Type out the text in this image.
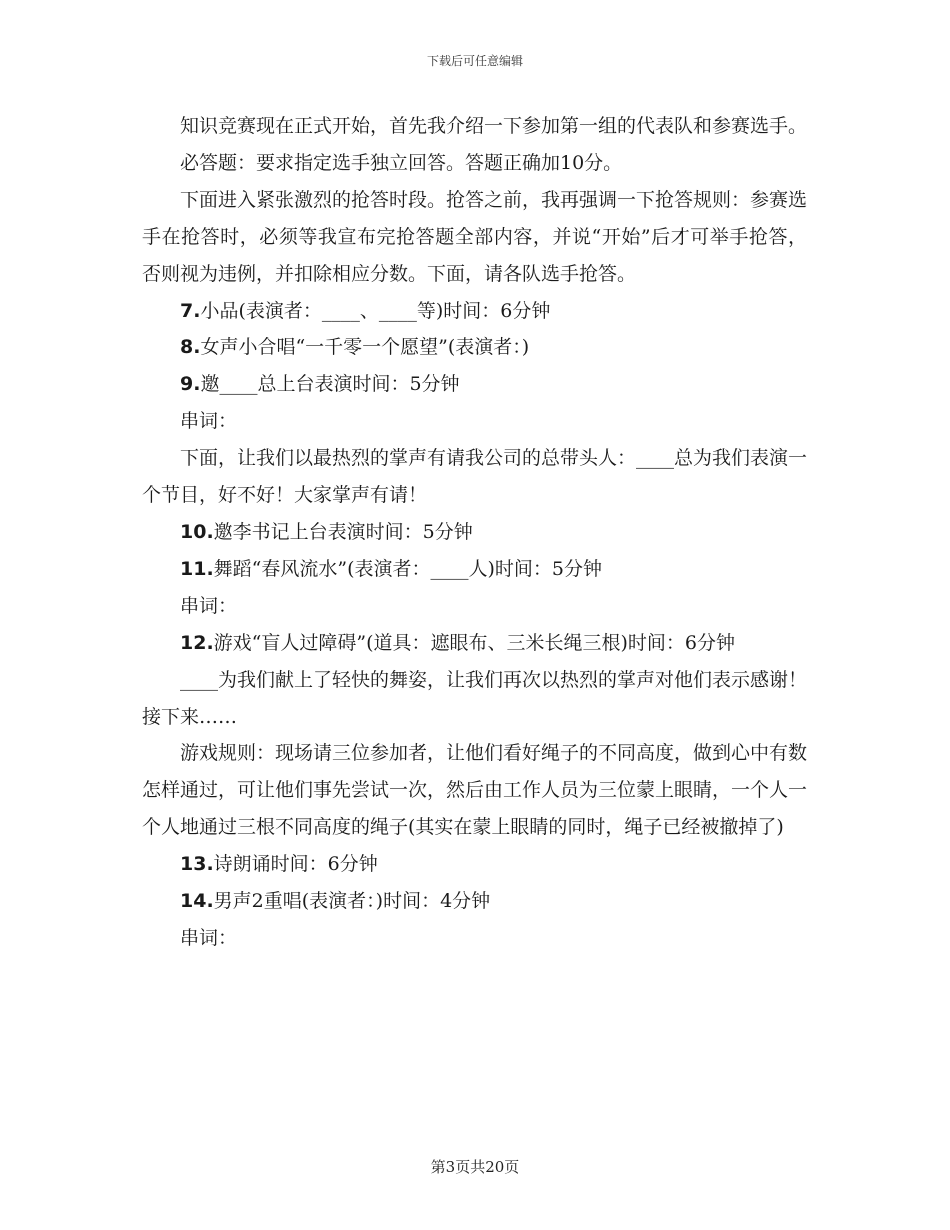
下载后可任意编辑

知识竞赛现在正式开始，首先我介绍一下参加第一组的代表队和参赛选手。

必答题：要求指定选手独立回答。答题正确加10分。

下面进入紧张激烈的抢答时段。抢答之前，我再强调一下抢答规则：参赛选手在抢答时，必须等我宣布完抢答题全部内容，并说“开始”后才可举手抢答，否则视为违例，并扣除相应分数。下面，请各队选手抢答。

7.小品(表演者：____、____等)时间：6分钟

8.女声小合唱“一千零一个愿望”(表演者：)

9.邀____总上台表演时间：5分钟

串词：

下面，让我们以最热烈的掌声有请我公司的总带头人：____总为我们表演一个节目，好不好！大家掌声有请！

10.邀李书记上台表演时间：5分钟

11.舞蹈“春风流水”(表演者：____人)时间：5分钟

串词：

12.游戏“盲人过障碍”(道具：遮眼布、三米长绳三根)时间：6分钟

____为我们献上了轻快的舞姿，让我们再次以热烈的掌声对他们表示感谢！接下来……

游戏规则：现场请三位参加者，让他们看好绳子的不同高度，做到心中有数怎样通过，可让他们事先尝试一次，然后由工作人员为三位蒙上眼睛，一个人一个人地通过三根不同高度的绳子(其实在蒙上眼睛的同时，绳子已经被撤掉了)

13.诗朗诵时间：6分钟

14.男声2重唱(表演者：)时间：4分钟

串词：

第3页共20页
